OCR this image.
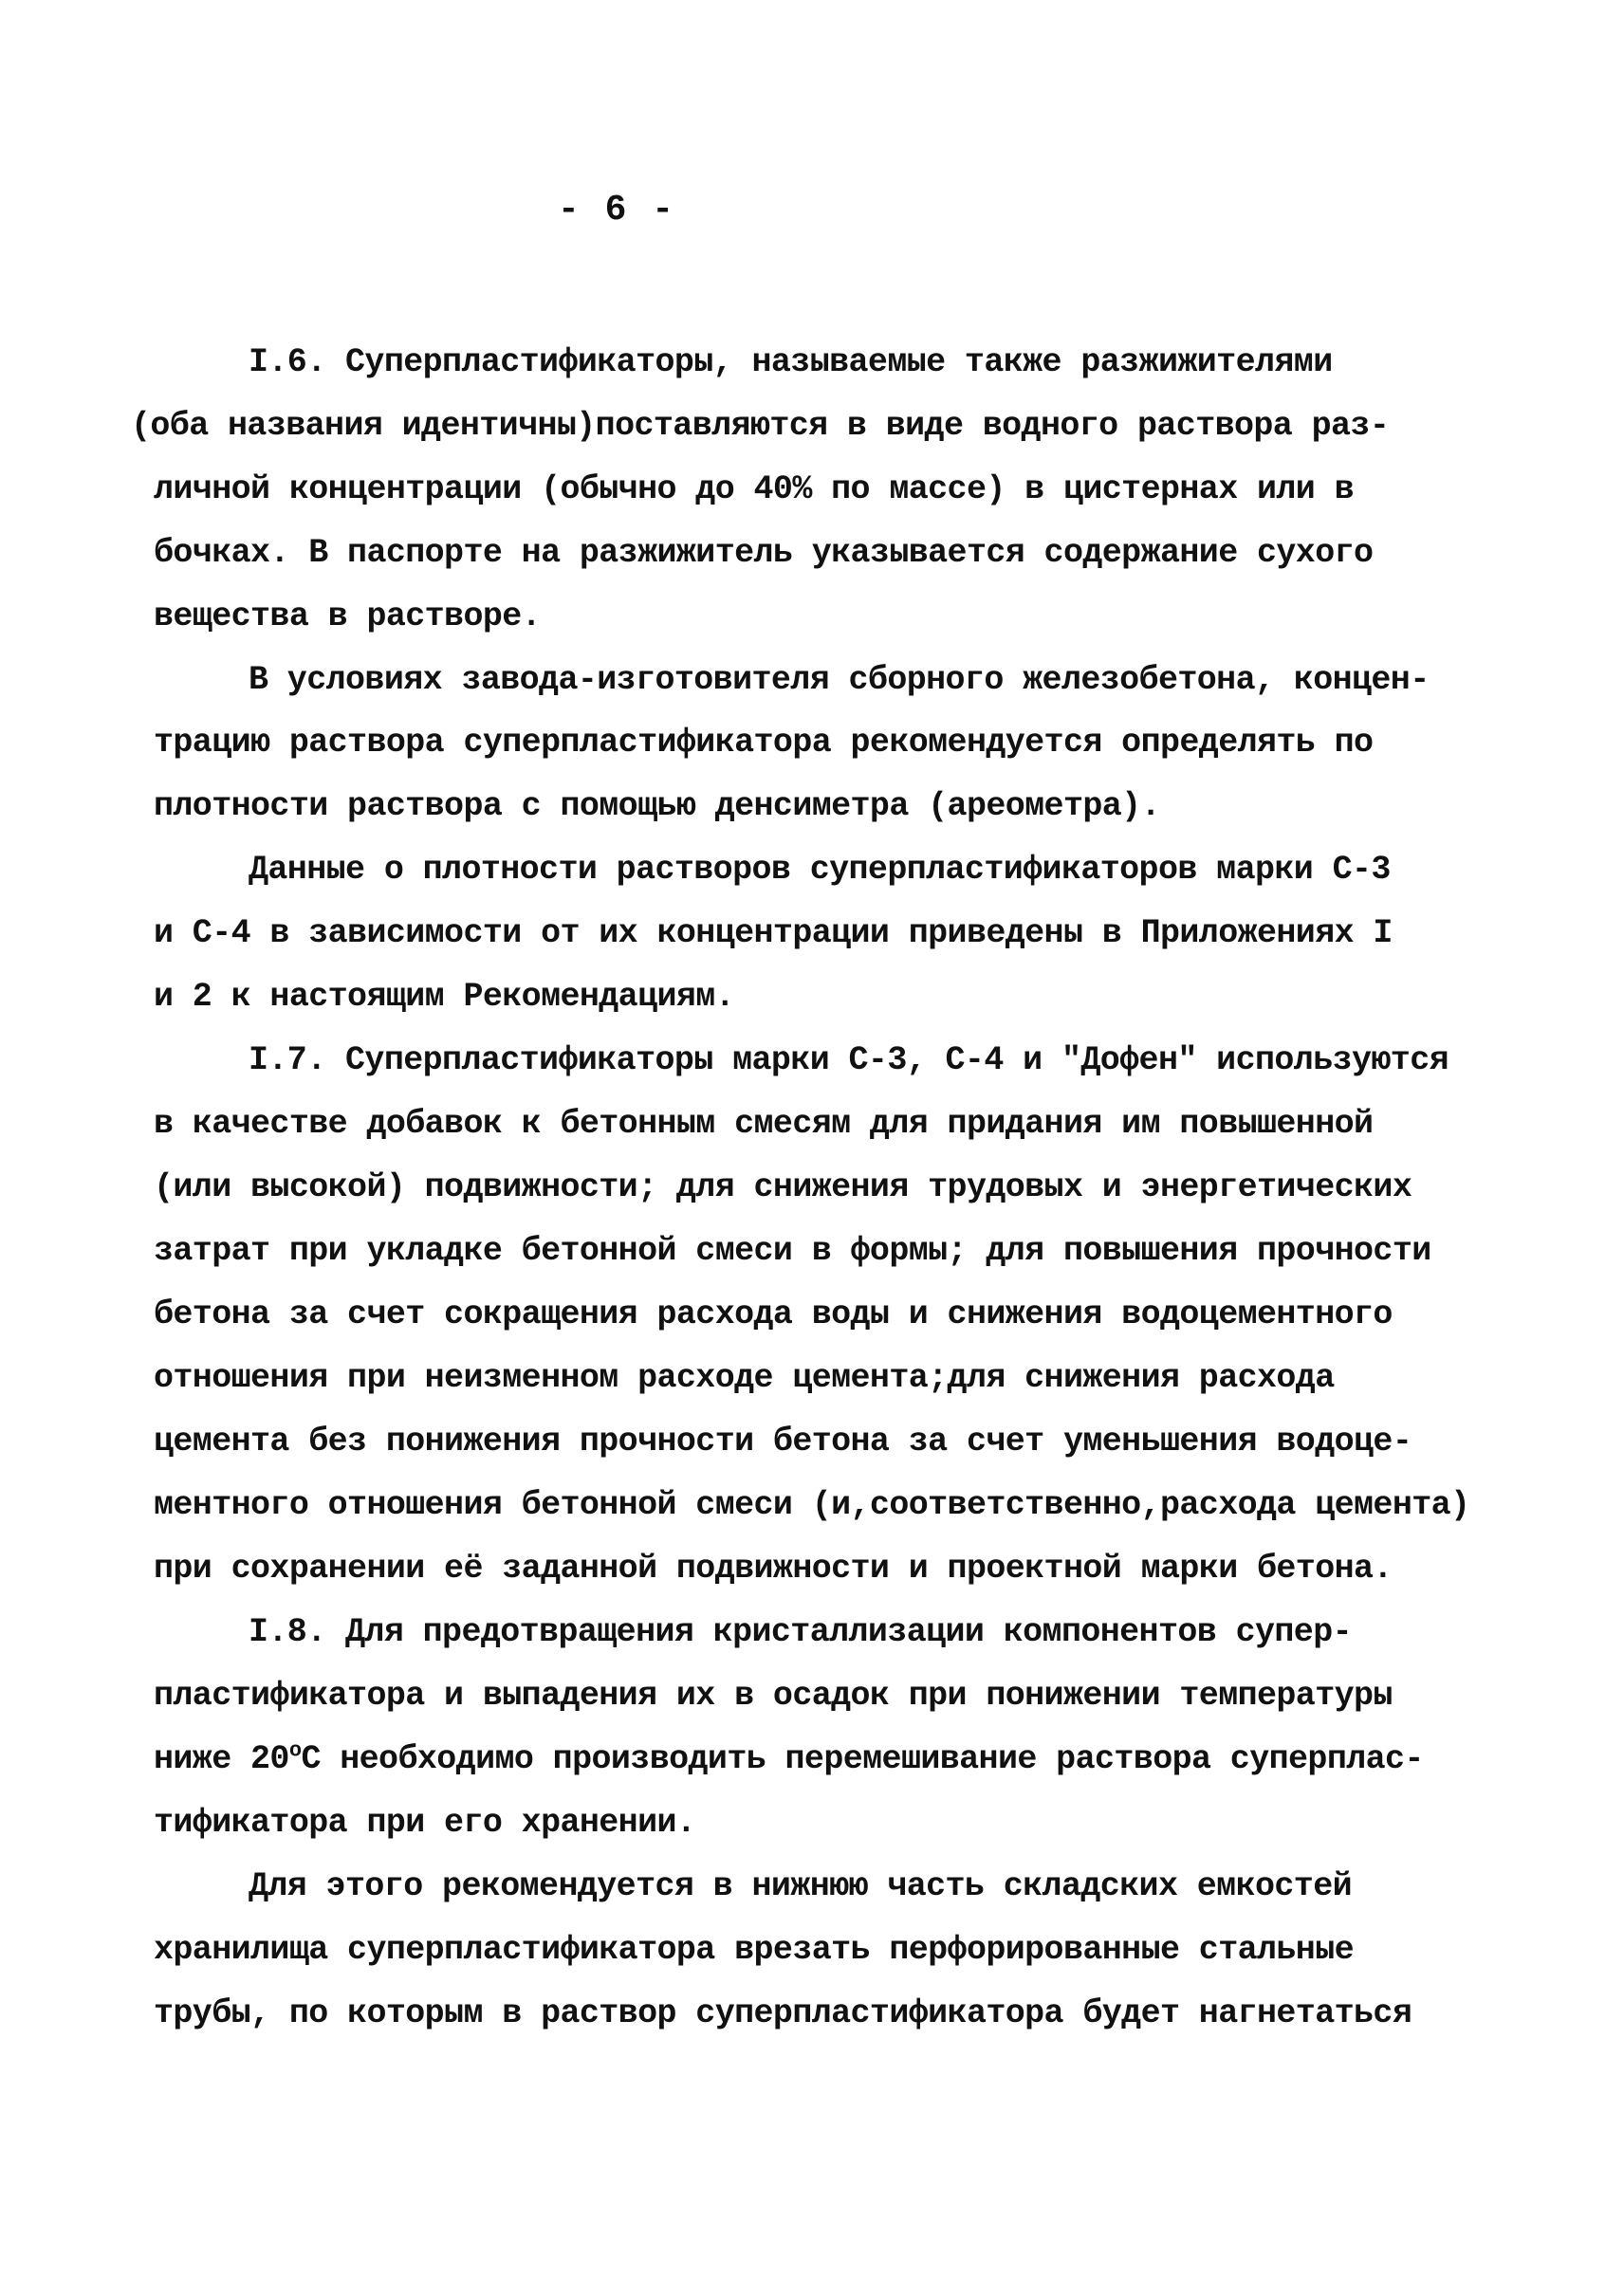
- 6 -
I.6. Суперпластификаторы, называемые также разжижителями
(оба названия идентичны)поставляются в виде водного раствора раз-
личной концентрации (обычно до 40% по массе) в цистернах или в
бочках. В паспорте на разжижитель указывается содержание сухого
вещества в растворе.
В условиях завода-изготовителя сборного железобетона, концен-
трацию раствора суперпластификатора рекомендуется определять по
плотности раствора с помощью денсиметра (ареометра).
Данные о плотности растворов суперпластификаторов марки С-3
и С-4 в зависимости от их концентрации приведены в Приложениях I
и 2 к настоящим Рекомендациям.
I.7. Суперпластификаторы марки С-3, С-4 и "Дофен" используются
в качестве добавок к бетонным смесям для придания им повышенной
(или высокой) подвижности; для снижения трудовых и энергетических
затрат при укладке бетонной смеси в формы; для повышения прочности
бетона за счет сокращения расхода воды и снижения водоцементного
отношения при неизменном расходе цемента;для снижения расхода
цемента без понижения прочности бетона за счет уменьшения водоце-
ментного отношения бетонной смеси (и,соответственно,расхода цемента)
при сохранении её заданной подвижности и проектной марки бетона.
I.8. Для предотвращения кристаллизации компонентов супер-
пластификатора и выпадения их в осадок при понижении температуры
ниже $20^оС$ необходимо производить перемешивание раствора суперплас-
тификатора при его хранении.
Для этого рекомендуется в нижнюю часть складских емкостей
хранилища суперпластификатора врезать перфорированные стальные
трубы, по которым в раствор суперпластификатора будет нагнетаться
